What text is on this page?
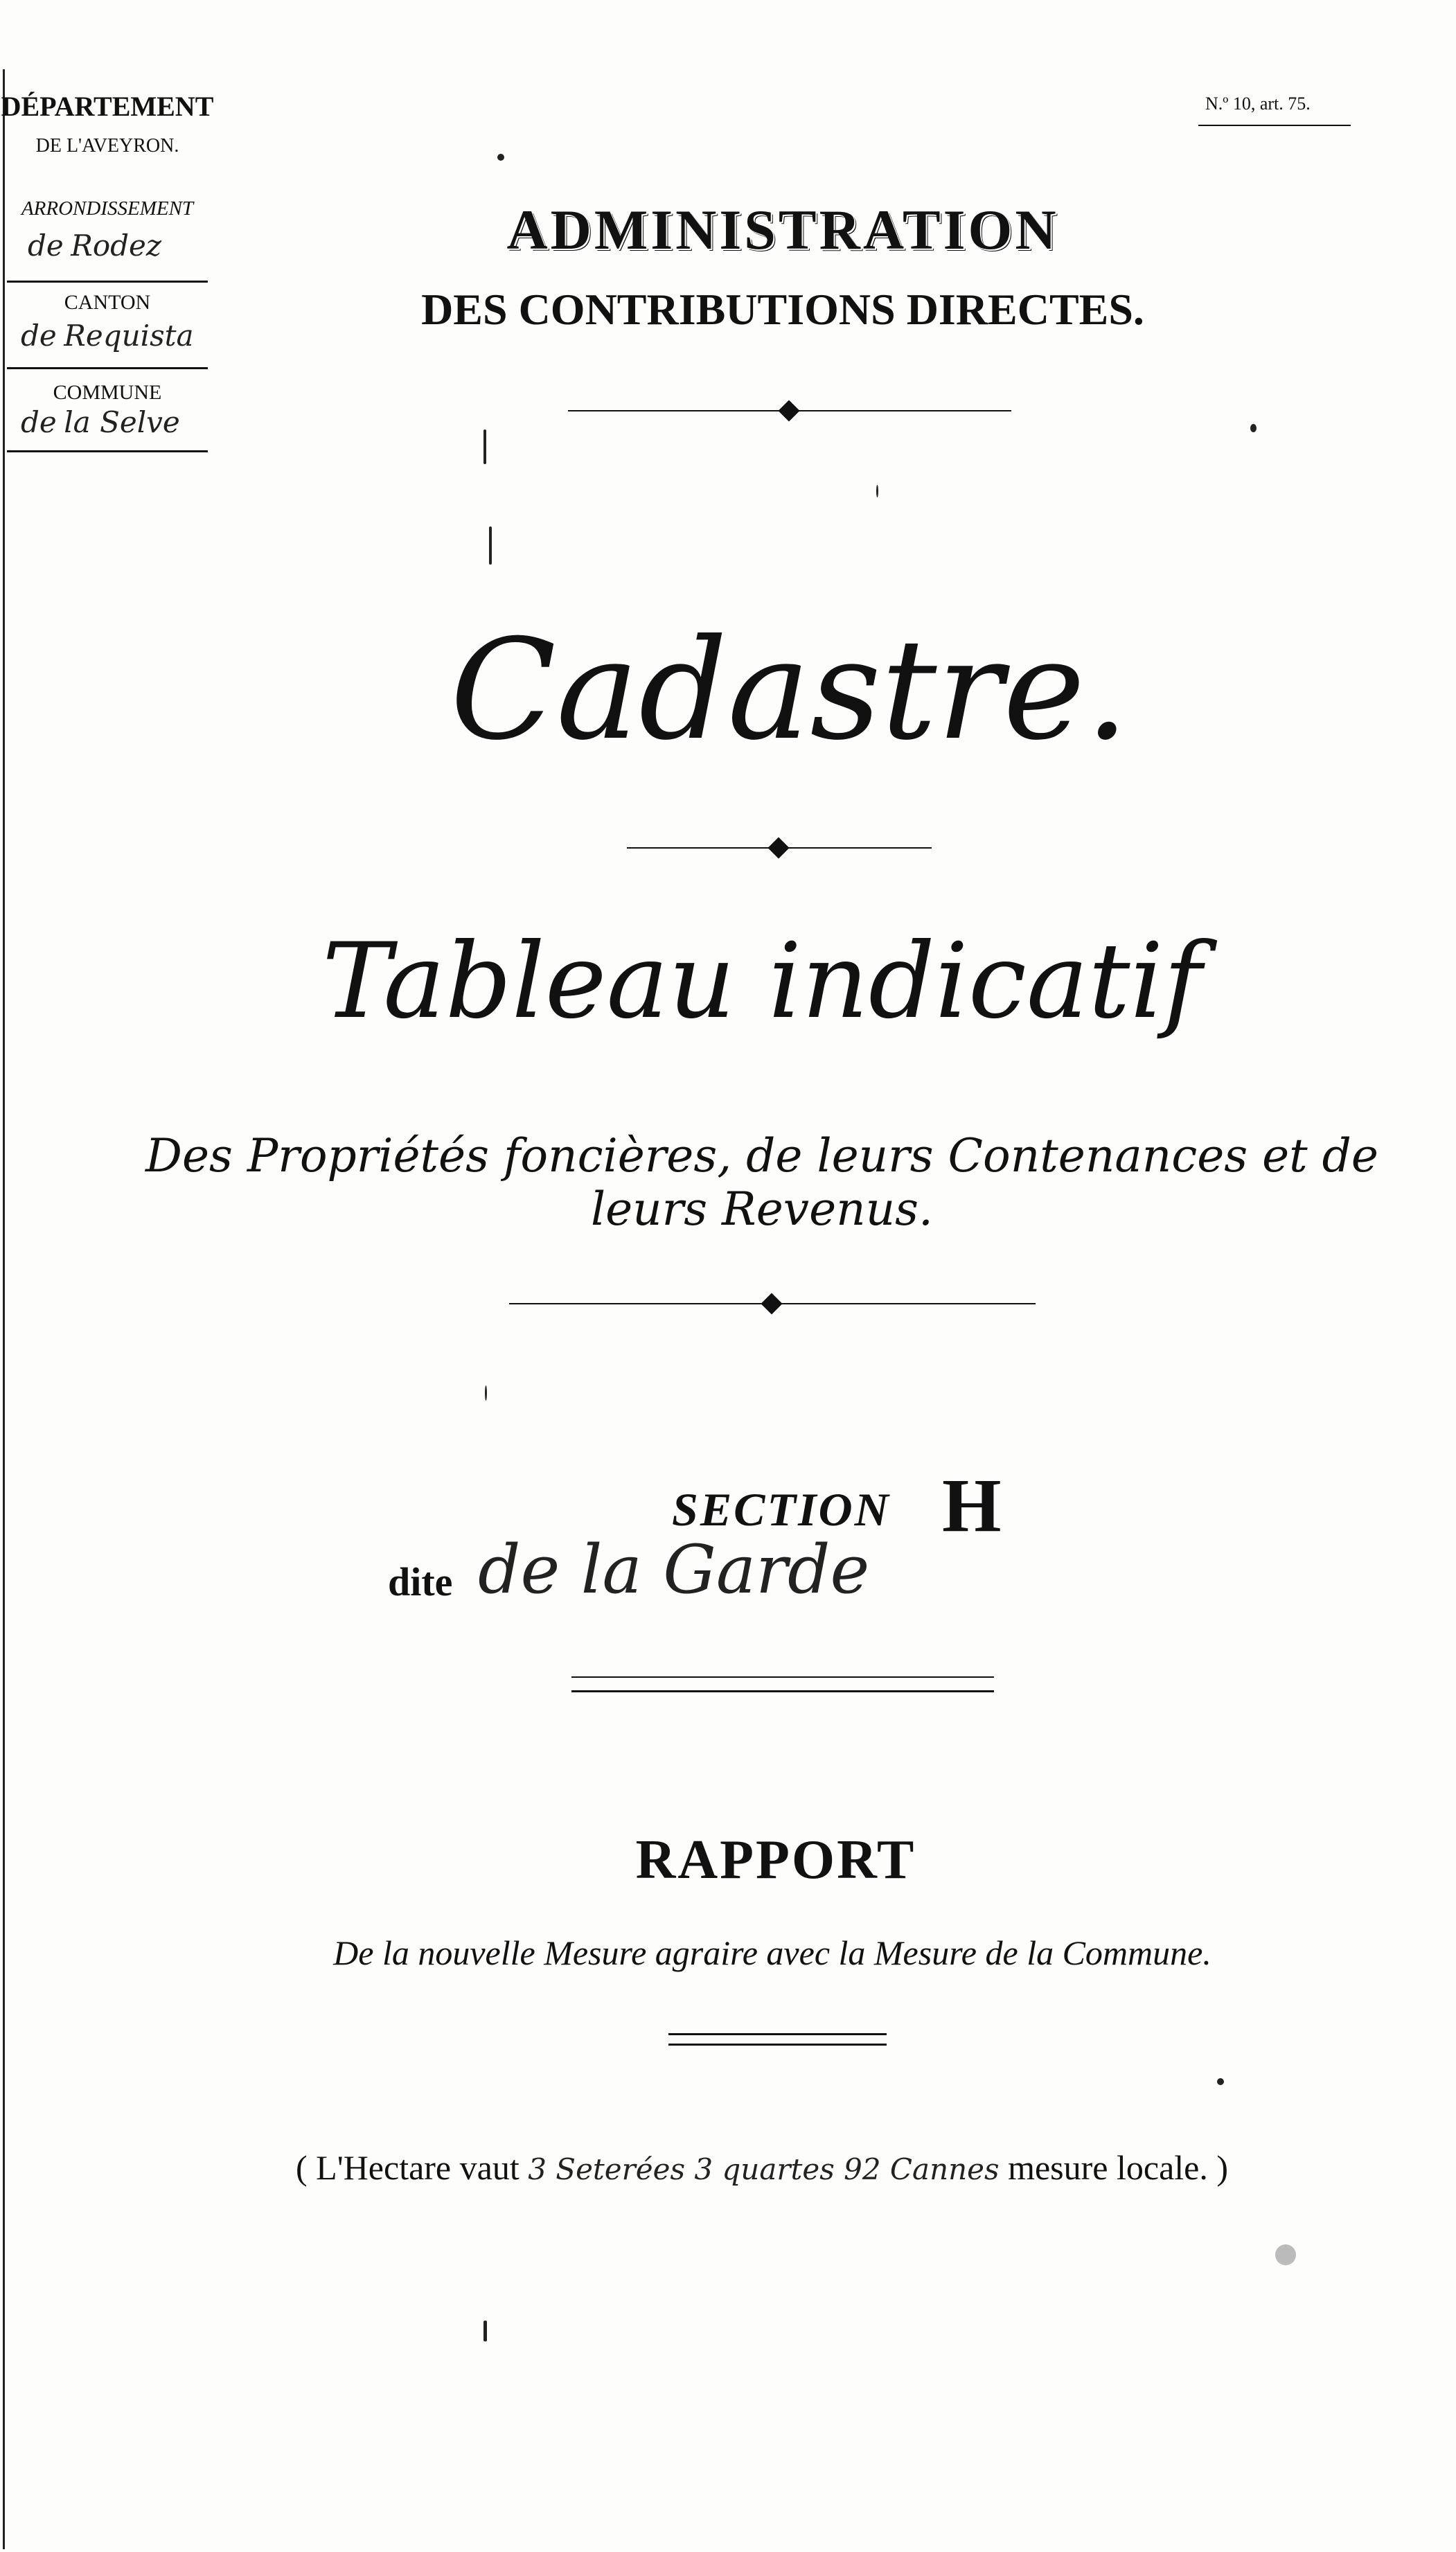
N.º 10, art. 75.
DÉPARTEMENT
DE L'AVEYRON.
ARRONDISSEMENT
de Rodez
CANTON
de Requista
COMMUNE
de la Selve
ADMINISTRATION
DES CONTRIBUTIONS DIRECTES.
Cadastre.
Tableau indicatif
Des Propriétés foncières, de leurs Contenances et de leurs Revenus.
SECTION H
dite de la Garde
RAPPORT
De la nouvelle Mesure agraire avec la Mesure de la Commune.
( L'Hectare vaut 3 Seterées 3 quartes 92 Cannes mesure locale. )
